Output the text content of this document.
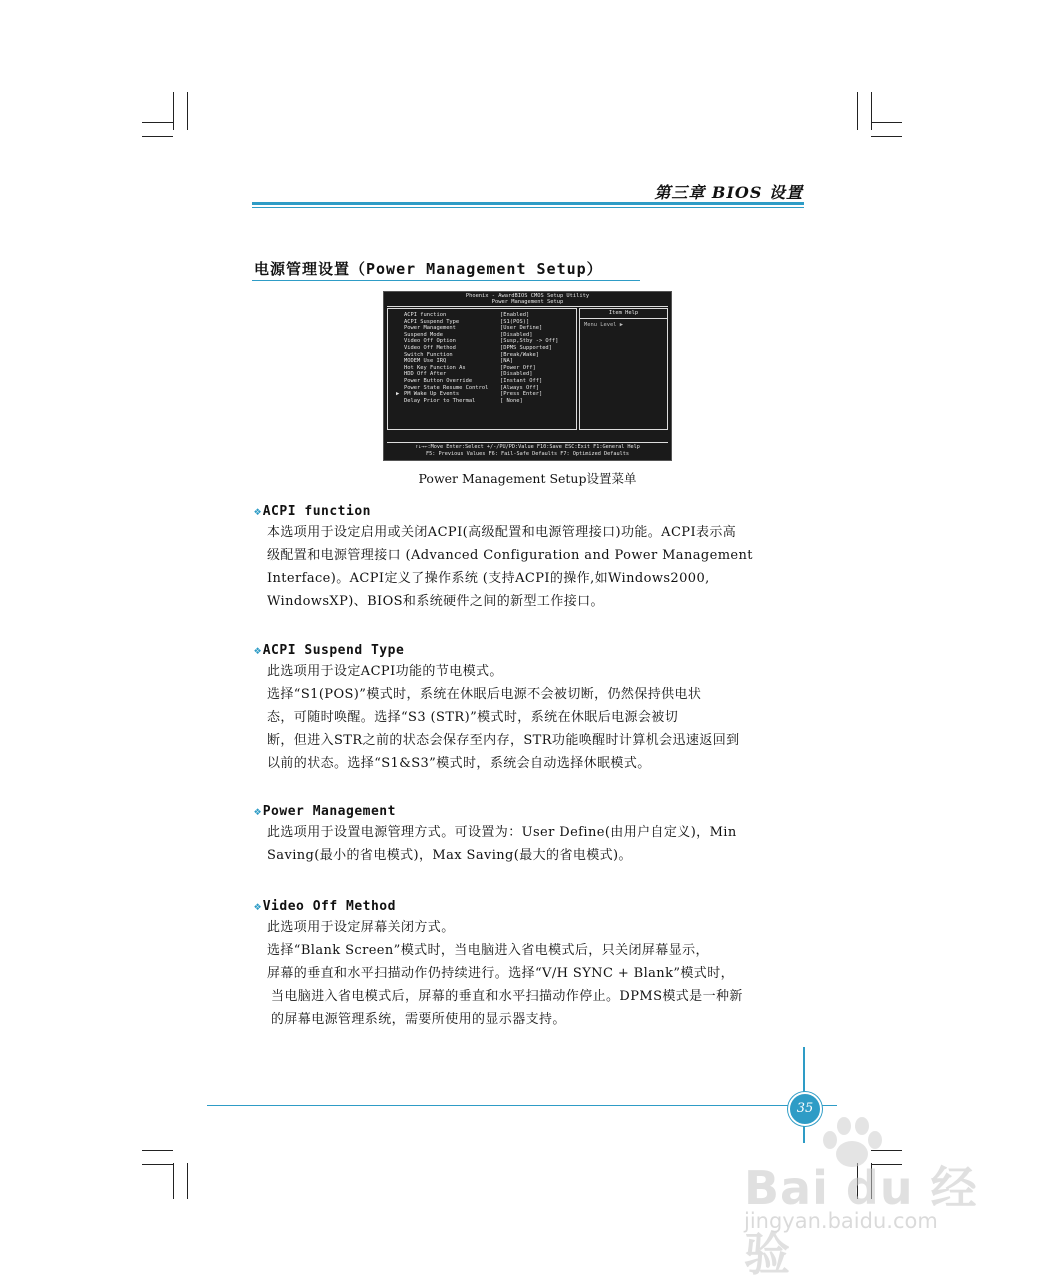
第三章 BIOS 设置
电源管理设置（Power Management Setup）
Phoenix - AwardBIOS CMOS Setup Utility
Power Management Setup
ACPI function	[Enabled]
ACPI Suspend Type	[S1(POS)]
Power Management	[User Define]
Suspend Mode	[Disabled]
Video Off Option	[Susp,Stby -> Off]
Video Off Method	[DPMS Supported]
Switch Function	[Break/Wake]
MODEM Use IRQ	[NA]
Hot Key Function As	[Power Off]
HDD Off After	[Disabled]
Power Button Override	[Instant Off]
Power State Resume Control [Always Off]
▶ PM Wake Up Events	[Press Enter]
Delay Prior to Thermal	[ None]
Item Help
Menu Level ▶
↑↓→←:Move Enter:Select +/-/PU/PD:Value F10:Save ESC:Exit F1:General Help
F5: Previous Values F6: Fail-Safe Defaults F7: Optimized Defaults
Power Management Setup设置菜单
❖ACPI function
本选项用于设定启用或关闭ACPI(高级配置和电源管理接口)功能。ACPI表示高
级配置和电源管理接口 (Advanced Configuration and Power Management
Interface)。ACPI定义了操作系统 (支持ACPI的操作,如Windows2000,
WindowsXP)、BIOS和系统硬件之间的新型工作接口。
❖ACPI Suspend Type
此选项用于设定ACPI功能的节电模式。
选择“S1(POS)”模式时，系统在休眠后电源不会被切断，仍然保持供电状
态，可随时唤醒。选择“S3 (STR)”模式时，系统在休眠后电源会被切
断，但进入STR之前的状态会保存至内存，STR功能唤醒时计算机会迅速返回到
以前的状态。选择“S1&S3”模式时，系统会自动选择休眠模式。
❖Power Management
此选项用于设置电源管理方式。可设置为：User Define(由用户自定义)，Min
Saving(最小的省电模式)，Max Saving(最大的省电模式)。
❖Video Off Method
此选项用于设定屏幕关闭方式。
选择“Blank Screen”模式时，当电脑进入省电模式后，只关闭屏幕显示，
屏幕的垂直和水平扫描动作仍持续进行。选择“V/H SYNC + Blank”模式时，
当电脑进入省电模式后，屏幕的垂直和水平扫描动作停止。DPMS模式是一种新
的屏幕电源管理系统，需要所使用的显示器支持。
35
Bai du 经验
jingyan.baidu.com
